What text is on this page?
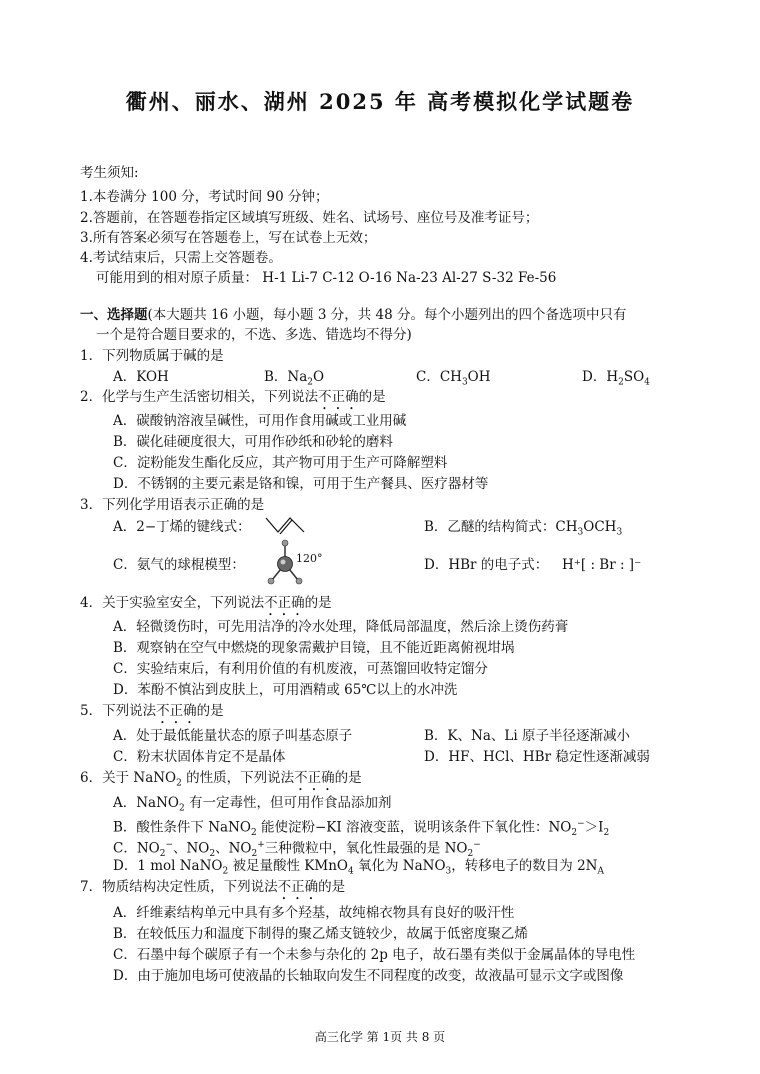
衢州、丽水、湖州 2025 年 高考模拟化学试题卷
考生须知:
1.本卷满分 100 分，考试时间 90 分钟；
2.答题前，在答题卷指定区域填写班级、姓名、试场号、座位号及准考证号；
3.所有答案必须写在答题卷上，写在试卷上无效；
4.考试结束后，只需上交答题卷。
可能用到的相对原子质量： H-1 Li-7 C-12 O-16 Na-23 Al-27 S-32 Fe-56
一、选择题(本大题共 16 小题，每小题 3 分，共 48 分。每个小题列出的四个备选项中只有
一个是符合题目要求的，不选、多选、错选均不得分)
1．下列物质属于碱的是
A．KOH	B．$Na_2O$	C．$CH_3OH$	D．$H_2SO_4$
2．化学与生产生活密切相关，下列说法不正确的是
A．碳酸钠溶液呈碱性，可用作食用碱或工业用碱
B．碳化硅硬度很大，可用作砂纸和砂轮的磨料
C．淀粉能发生酯化反应，其产物可用于生产可降解塑料
D．不锈钢的主要元素是铬和镍，可用于生产餐具、医疗器材等
3．下列化学用语表示正确的是
A．2−丁烯的键线式：	B．乙醚的结构简式：$CH_3OCH_3$
C．氨气的球棍模型：	120°	D．HBr 的电子式： H⁺[ : Br : ]⁻
4．关于实验室安全，下列说法不正确的是
A．轻微烫伤时，可先用洁净的冷水处理，降低局部温度，然后涂上烫伤药膏
B．观察钠在空气中燃烧的现象需戴护目镜，且不能近距离俯视坩埚
C．实验结束后，有利用价值的有机废液，可蒸馏回收特定馏分
D．苯酚不慎沾到皮肤上，可用酒精或 65℃以上的水冲洗
5．下列说法不正确的是
A．处于最低能量状态的原子叫基态原子	B．K、Na、Li 原子半径逐渐减小
C．粉末状固体肯定不是晶体	D．HF、HCl、HBr 稳定性逐渐减弱
6．关于 NaNO$_2$ 的性质，下列说法不正确的是
A．NaNO$_2$ 有一定毒性，但可用作食品添加剂
B．酸性条件下 NaNO$_2$ 能使淀粉−KI 溶液变蓝，说明该条件下氧化性：$NO_2^->I_2$
C．$NO_2^-$、$NO_2$、$NO_2^+$三种微粒中，氧化性最强的是 $NO_2^-$
D．1 mol NaNO$_2$ 被足量酸性 KMnO$_4$ 氧化为 NaNO$_3$，转移电子的数目为 $2N_A$
7．物质结构决定性质，下列说法不正确的是
A．纤维素结构单元中具有多个羟基，故纯棉衣物具有良好的吸汗性
B．在较低压力和温度下制得的聚乙烯支链较少，故属于低密度聚乙烯
C．石墨中每个碳原子有一个未参与杂化的 2p 电子，故石墨有类似于金属晶体的导电性
D．由于施加电场可使液晶的长轴取向发生不同程度的改变，故液晶可显示文字或图像
高三化学 第 1页 共 8 页
